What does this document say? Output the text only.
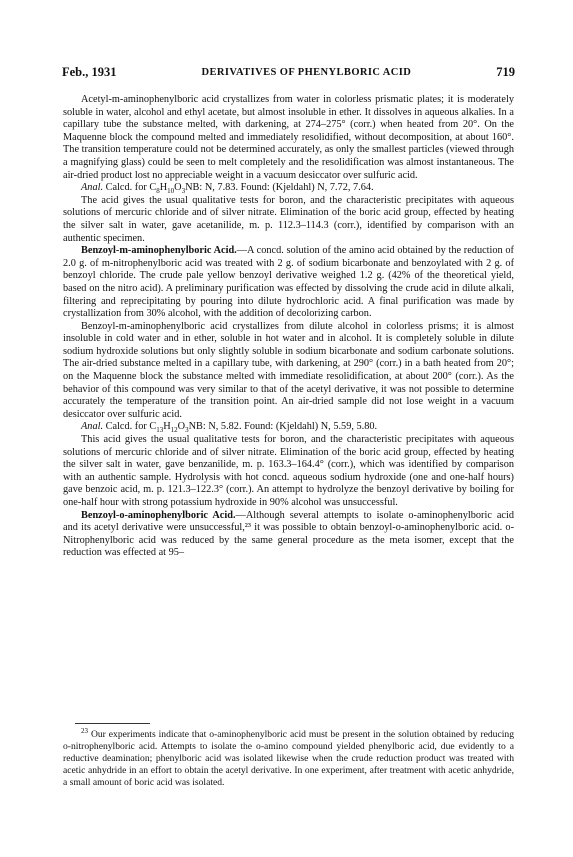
Feb., 1931	DERIVATIVES OF PHENYLBORIC ACID	719

Acetyl-m-aminophenylboric acid crystallizes from water in colorless prismatic plates; it is moderately soluble in water, alcohol and ethyl acetate, but almost insoluble in ether. It dissolves in aqueous alkalies. In a capillary tube the substance melted, with darkening, at 274–275° (corr.) when heated from 20°. On the Maquenne block the compound melted and immediately resolidified, without decomposition, at about 160°. The transition temperature could not be determined accurately, as only the smallest particles (viewed through a magnifying glass) could be seen to melt completely and the resolidification was almost instantaneous. The air-dried product lost no appreciable weight in a vacuum desiccator over sulfuric acid.

Anal. Calcd. for $C_8H_{10}O_3NB$: N, 7.83. Found: (Kjeldahl) N, 7.72, 7.64.

The acid gives the usual qualitative tests for boron, and the characteristic precipitates with aqueous solutions of mercuric chloride and of silver nitrate. Elimination of the boric acid group, effected by heating the silver salt in water, gave acetanilide, m. p. 112.3–114.3 (corr.), identified by comparison with an authentic specimen.

Benzoyl-m-aminophenylboric Acid.—A concd. solution of the amino acid obtained by the reduction of 2.0 g. of m-nitrophenylboric acid was treated with 2 g. of sodium bicarbonate and benzoylated with 2 g. of benzoyl chloride. The crude pale yellow benzoyl derivative weighed 1.2 g. (42% of the theoretical yield, based on the nitro acid). A preliminary purification was effected by dissolving the crude acid in dilute alkali, filtering and reprecipitating by pouring into dilute hydrochloric acid. A final purification was made by crystallization from 30% alcohol, with the addition of decolorizing carbon.

Benzoyl-m-aminophenylboric acid crystallizes from dilute alcohol in colorless prisms; it is almost insoluble in cold water and in ether, soluble in hot water and in alcohol. It is completely soluble in dilute sodium hydroxide solutions but only slightly soluble in sodium bicarbonate and sodium carbonate solutions. The air-dried substance melted in a capillary tube, with darkening, at 290° (corr.) in a bath heated from 20°; on the Maquenne block the substance melted with immediate resolidification, at about 200° (corr.). As the behavior of this compound was very similar to that of the acetyl derivative, it was not possible to determine accurately the temperature of the transition point. An air-dried sample did not lose weight in a vacuum desiccator over sulfuric acid.

Anal. Calcd. for $C_{13}H_{12}O_3NB$: N, 5.82. Found: (Kjeldahl) N, 5.59, 5.80.

This acid gives the usual qualitative tests for boron, and the characteristic precipitates with aqueous solutions of mercuric chloride and of silver nitrate. Elimination of the boric acid group, effected by heating the silver salt in water, gave benzanilide, m. p. 163.3–164.4° (corr.), which was identified by comparison with an authentic sample. Hydrolysis with hot concd. aqueous sodium hydroxide (one and one-half hours) gave benzoic acid, m. p. 121.3–122.3° (corr.). An attempt to hydrolyze the benzoyl derivative by boiling for one-half hour with strong potassium hydroxide in 90% alcohol was unsuccessful.

Benzoyl-o-aminophenylboric Acid.—Although several attempts to isolate o-aminophenylboric acid and its acetyl derivative were unsuccessful,²³ it was possible to obtain benzoyl-o-aminophenylboric acid. o-Nitrophenylboric acid was reduced by the same general procedure as the meta isomer, except that the reduction was effected at 95–

$^{23}$ Our experiments indicate that o-aminophenylboric acid must be present in the solution obtained by reducing o-nitrophenylboric acid. Attempts to isolate the o-amino compound yielded phenylboric acid, due evidently to a reductive deamination; phenylboric acid was isolated likewise when the crude reduction product was treated with acetic anhydride in an effort to obtain the acetyl derivative. In one experiment, after treatment with acetic anhydride, a small amount of boric acid was isolated.
